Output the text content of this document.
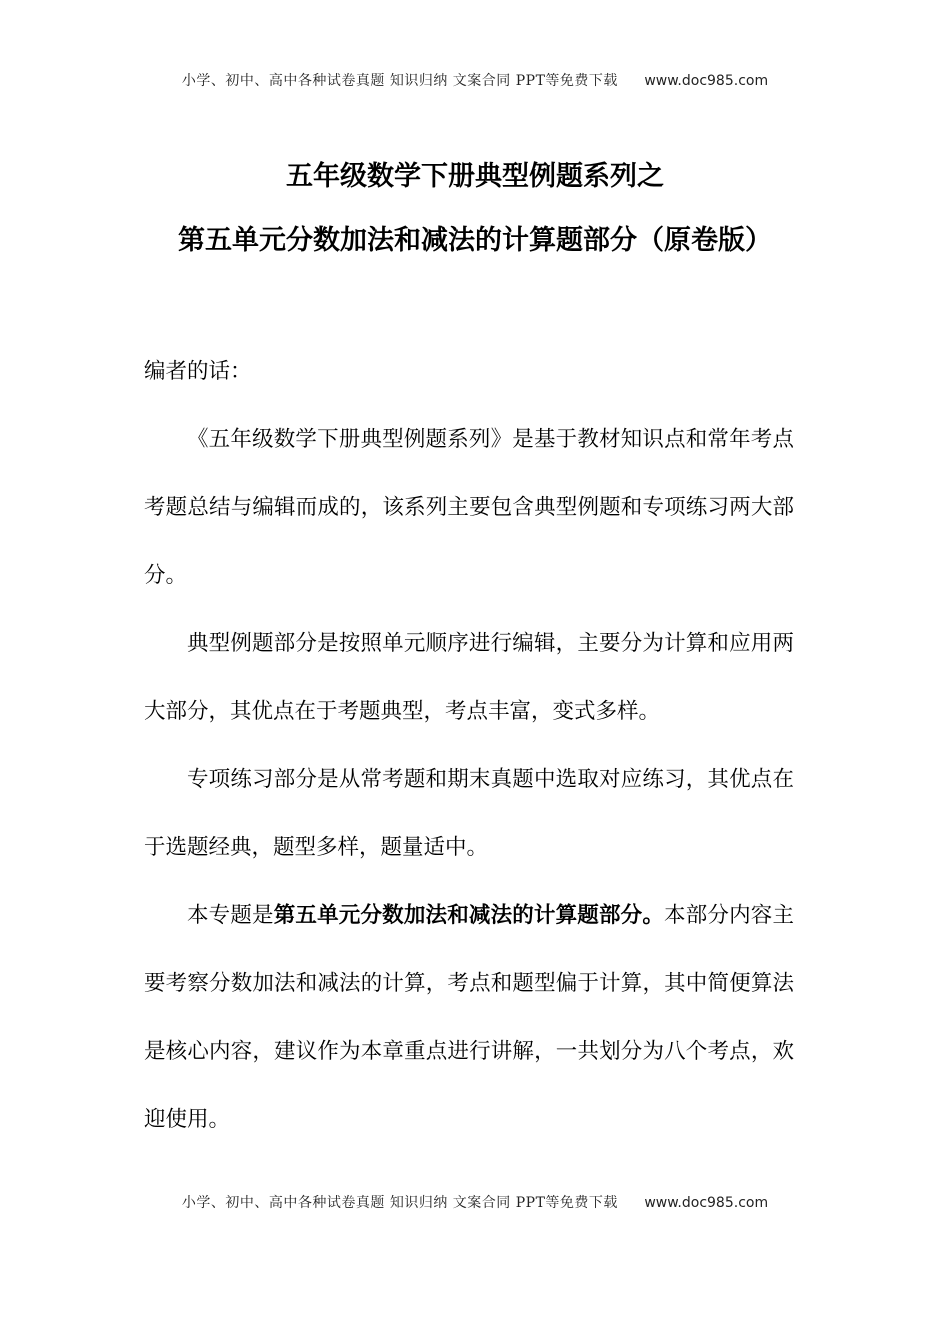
小学、初中、高中各种试卷真题 知识归纳 文案合同 PPT等免费下载 www.doc985.com
五年级数学下册典型例题系列之
第五单元分数加法和减法的计算题部分（原卷版）

编者的话：

《五年级数学下册典型例题系列》是基于教材知识点和常年考点考题总结与编辑而成的，该系列主要包含典型例题和专项练习两大部分。

典型例题部分是按照单元顺序进行编辑，主要分为计算和应用两大部分，其优点在于考题典型，考点丰富，变式多样。

专项练习部分是从常考题和期末真题中选取对应练习，其优点在于选题经典，题型多样，题量适中。

本专题是第五单元分数加法和减法的计算题部分。本部分内容主要考察分数加法和减法的计算，考点和题型偏于计算，其中简便算法是核心内容，建议作为本章重点进行讲解，一共划分为八个考点，欢迎使用。

小学、初中、高中各种试卷真题 知识归纳 文案合同 PPT等免费下载 www.doc985.com
